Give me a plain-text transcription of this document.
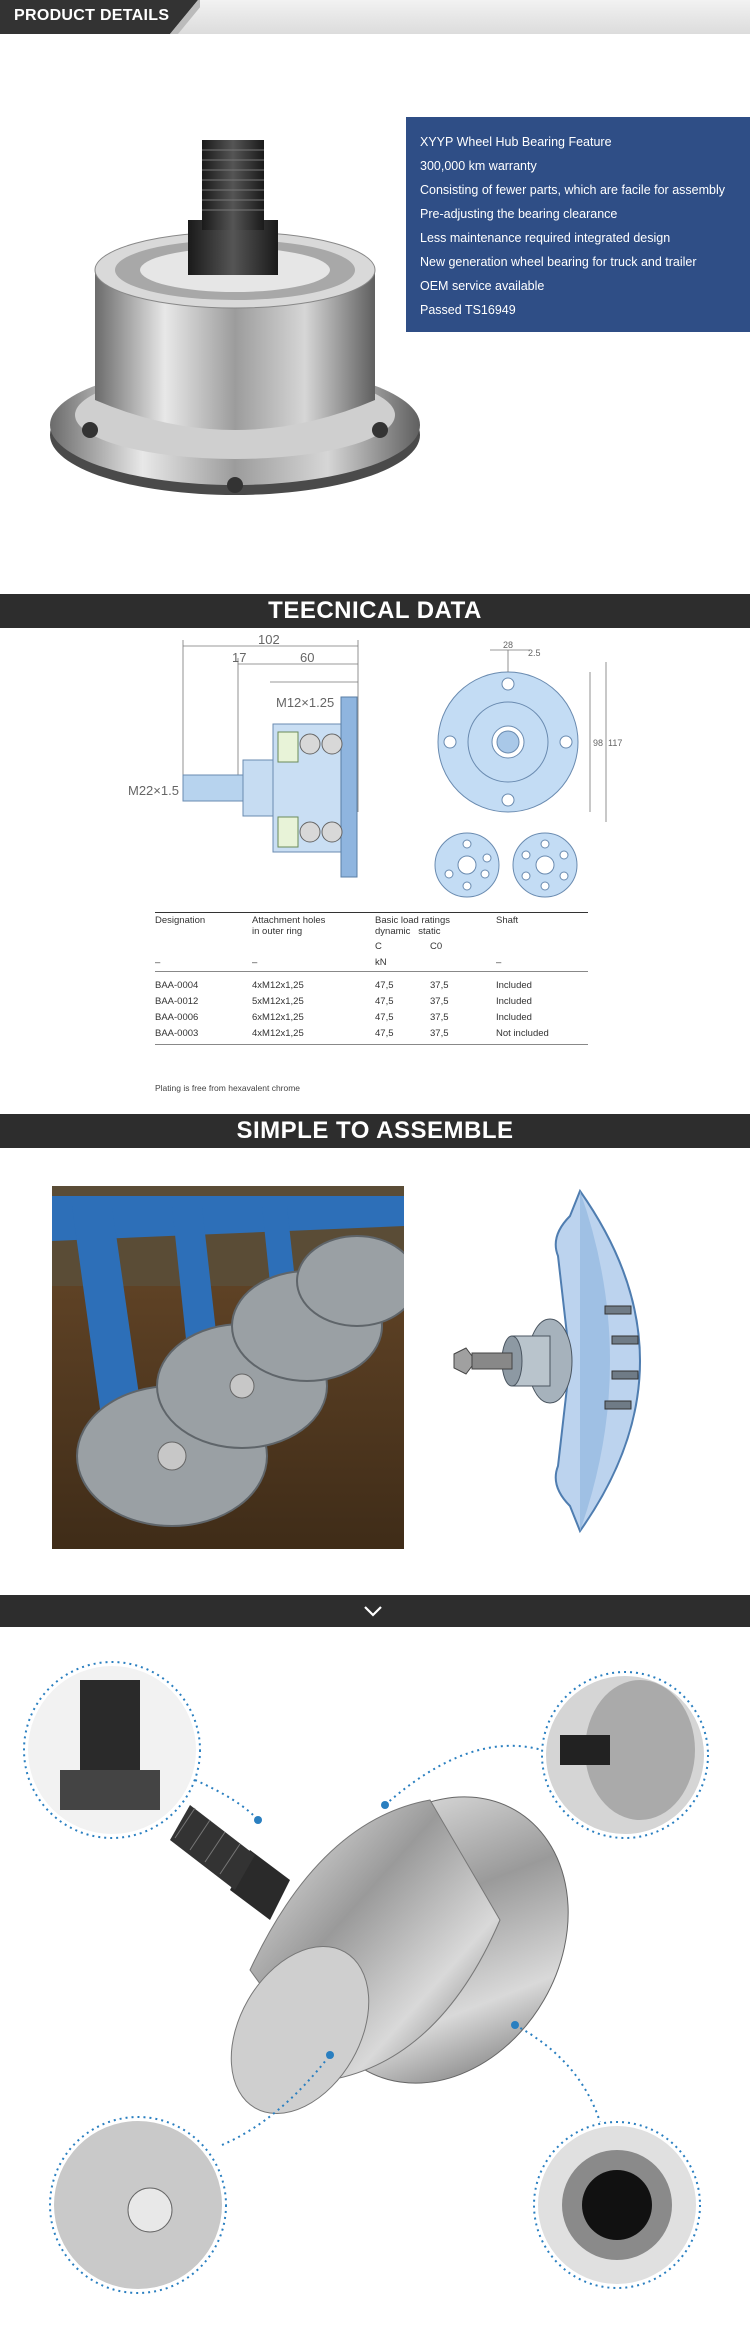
PRODUCT DETAILS
XYYP Wheel Hub Bearing Feature
300,000 km warranty
Consisting of fewer parts, which are facile for assembly
Pre-adjusting the bearing clearance
Less maintenance required integrated design
New generation wheel bearing for truck and trailer
OEM service available
Passed TS16949
TEECNICAL DATA
102
17	60
M12×1.25
M22×1.5
28
2.5
98 117
Designation	Attachment holes
in outer ring
Basic load ratings
dynamic   static
Shaft
C	C0
–	–	kN	–
BAA-0004	4xM12x1,25	47,5	37,5	Included
BAA-0012	5xM12x1,25	47,5	37,5	Included
BAA-0006	6xM12x1,25	47,5	37,5	Included
BAA-0003	4xM12x1,25	47,5	37,5	Not included
Plating is free from hexavalent chrome
SIMPLE TO ASSEMBLE
